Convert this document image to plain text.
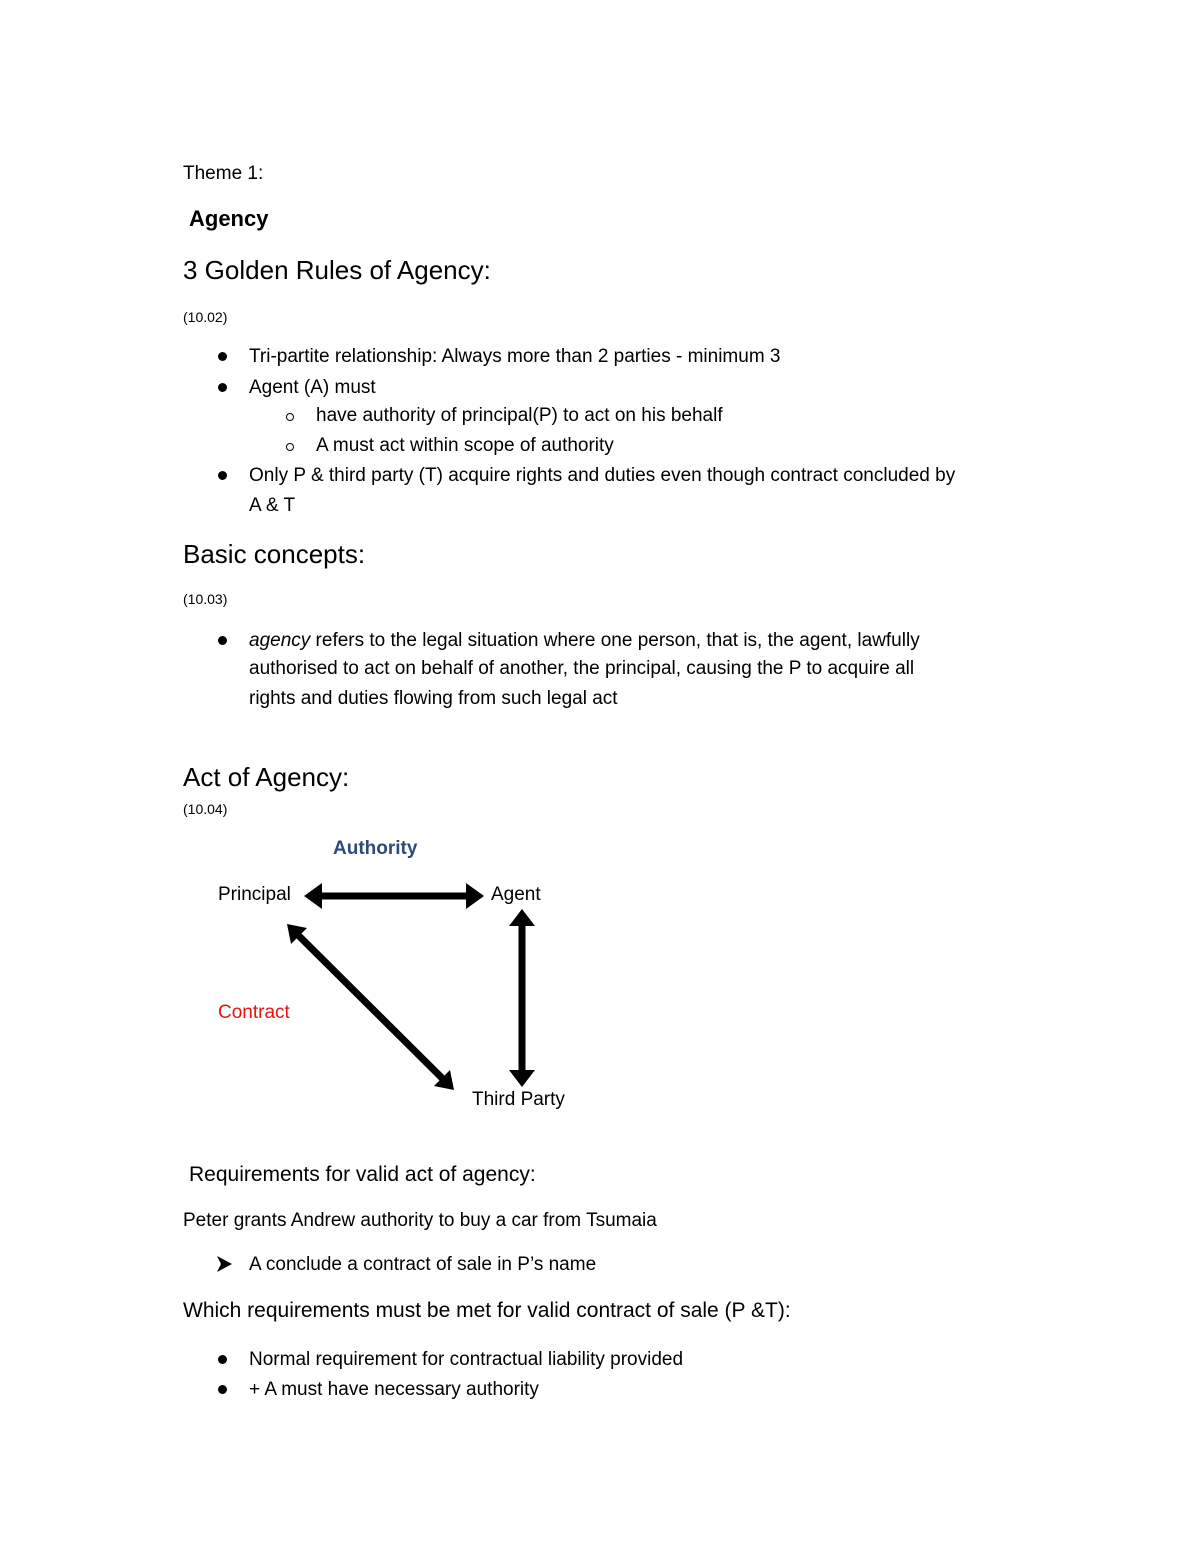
Theme 1:
Agency
3 Golden Rules of Agency:
(10.02)
Tri-partite relationship: Always more than 2 parties - minimum 3
Agent (A) must
have authority of principal(P) to act on his behalf
A must act within scope of authority
Only P & third party (T) acquire rights and duties even though contract concluded by
A & T
Basic concepts:
(10.03)
agency refers to the legal situation where one person, that is, the agent, lawfully
authorised to act on behalf of another, the principal, causing the P to acquire all
rights and duties flowing from such legal act
Act of Agency:
(10.04)
Authority
Principal	Agent
Contract
Third Party
Requirements for valid act of agency:
Peter grants Andrew authority to buy a car from Tsumaia
A conclude a contract of sale in P’s name
Which requirements must be met for valid contract of sale (P &T):
Normal requirement for contractual liability provided
+ A must have necessary authority
